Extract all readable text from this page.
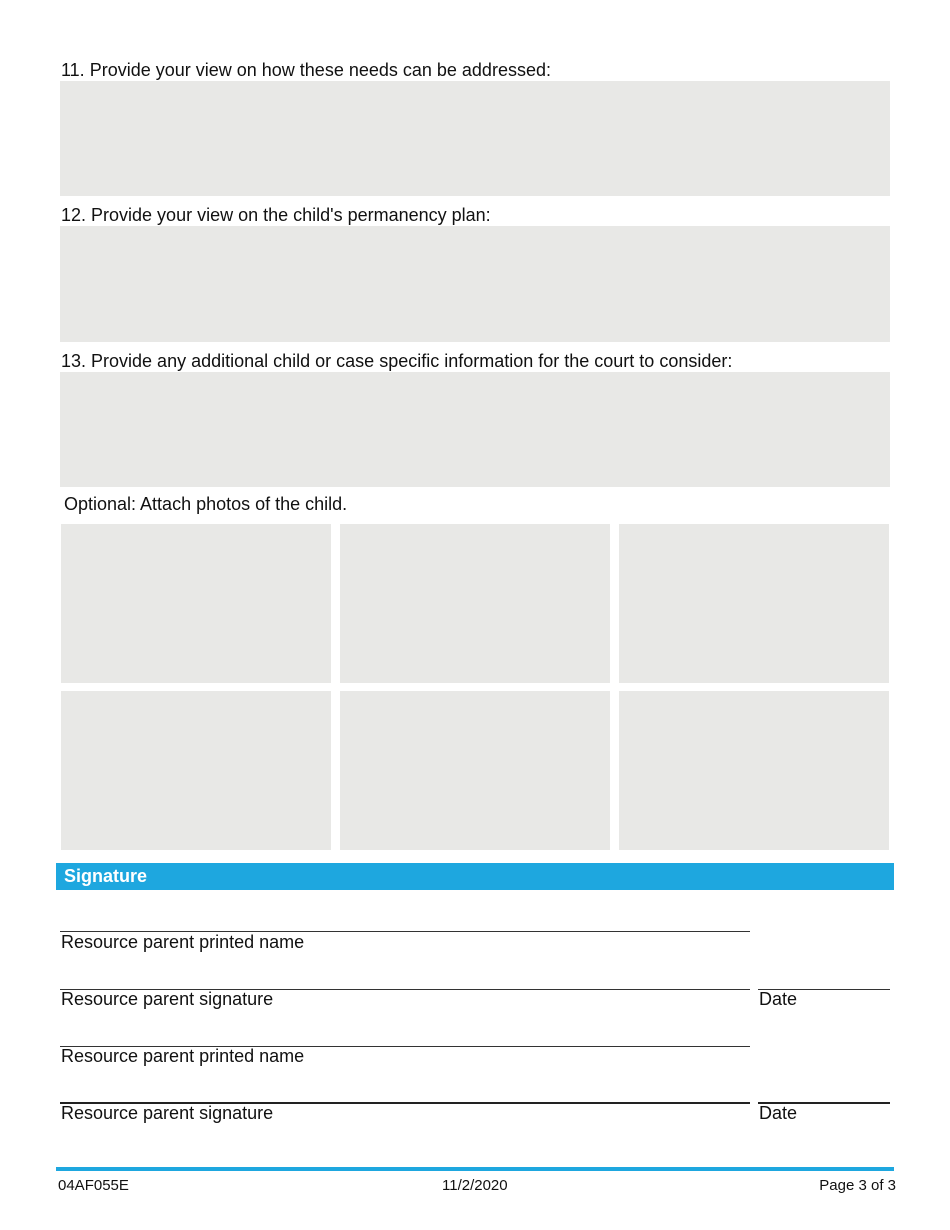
11. Provide your view on how these needs can be addressed:
12. Provide your view on the child's permanency plan:
13. Provide any additional child or case specific information for the court to consider:
Optional: Attach photos of the child.
Signature
Resource parent printed name
Resource parent signature	Date
Resource parent printed name
Resource parent signature	Date
04AF055E	11/2/2020	Page 3 of 3
